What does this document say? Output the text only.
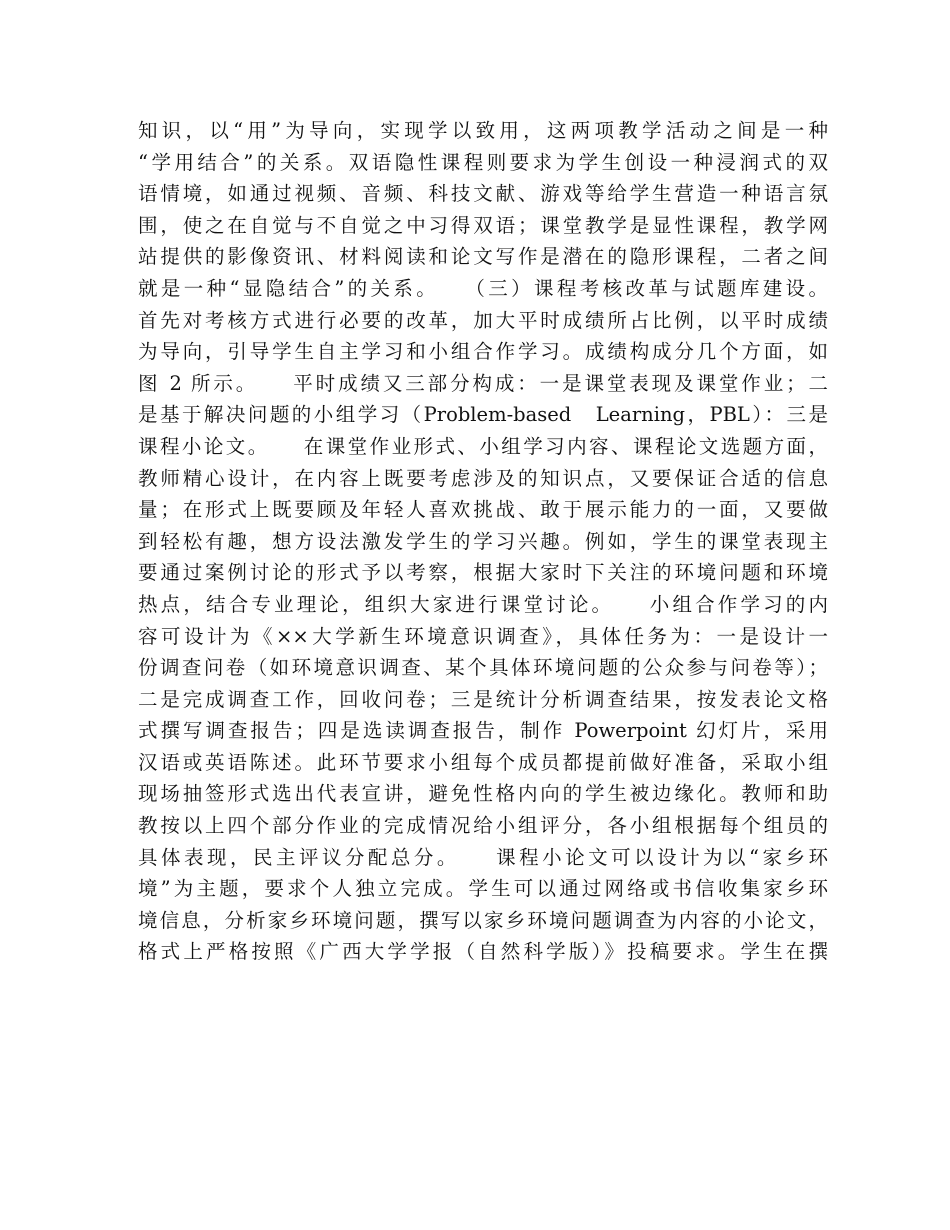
知识，以“用”为导向，实现学以致用，这两项教学活动之间是一种
“学用结合”的关系。双语隐性课程则要求为学生创设一种浸润式的双
语情境，如通过视频、音频、科技文献、游戏等给学生营造一种语言氛
围，使之在自觉与不自觉之中习得双语；课堂教学是显性课程，教学网
站提供的影像资讯、材料阅读和论文写作是潜在的隐形课程，二者之间
就是一种“显隐结合”的关系。　　（三）课程考核改革与试题库建设。
首先对考核方式进行必要的改革，加大平时成绩所占比例，以平时成绩
为导向，引导学生自主学习和小组合作学习。成绩构成分几个方面，如
图 2 所示。　　平时成绩又三部分构成：一是课堂表现及课堂作业；二
是基于解决问题的小组学习（Problem-based　Learning，PBL）：三是
课程小论文。　　在课堂作业形式、小组学习内容、课程论文选题方面，
教师精心设计，在内容上既要考虑涉及的知识点，又要保证合适的信息
量；在形式上既要顾及年轻人喜欢挑战、敢于展示能力的一面，又要做
到轻松有趣，想方设法激发学生的学习兴趣。例如，学生的课堂表现主
要通过案例讨论的形式予以考察，根据大家时下关注的环境问题和环境
热点，结合专业理论，组织大家进行课堂讨论。　　小组合作学习的内
容可设计为《××大学新生环境意识调查》，具体任务为：一是设计一
份调查问卷（如环境意识调查、某个具体环境问题的公众参与问卷等）；
二是完成调查工作，回收问卷；三是统计分析调查结果，按发表论文格
式撰写调查报告；四是选读调查报告，制作 Powerpoint 幻灯片，采用
汉语或英语陈述。此环节要求小组每个成员都提前做好准备，采取小组
现场抽签形式选出代表宣讲，避免性格内向的学生被边缘化。教师和助
教按以上四个部分作业的完成情况给小组评分，各小组根据每个组员的
具体表现，民主评议分配总分。　　课程小论文可以设计为以“家乡环
境”为主题，要求个人独立完成。学生可以通过网络或书信收集家乡环
境信息，分析家乡环境问题，撰写以家乡环境问题调查为内容的小论文，
格式上严格按照《广西大学学报（自然科学版）》投稿要求。学生在撰
